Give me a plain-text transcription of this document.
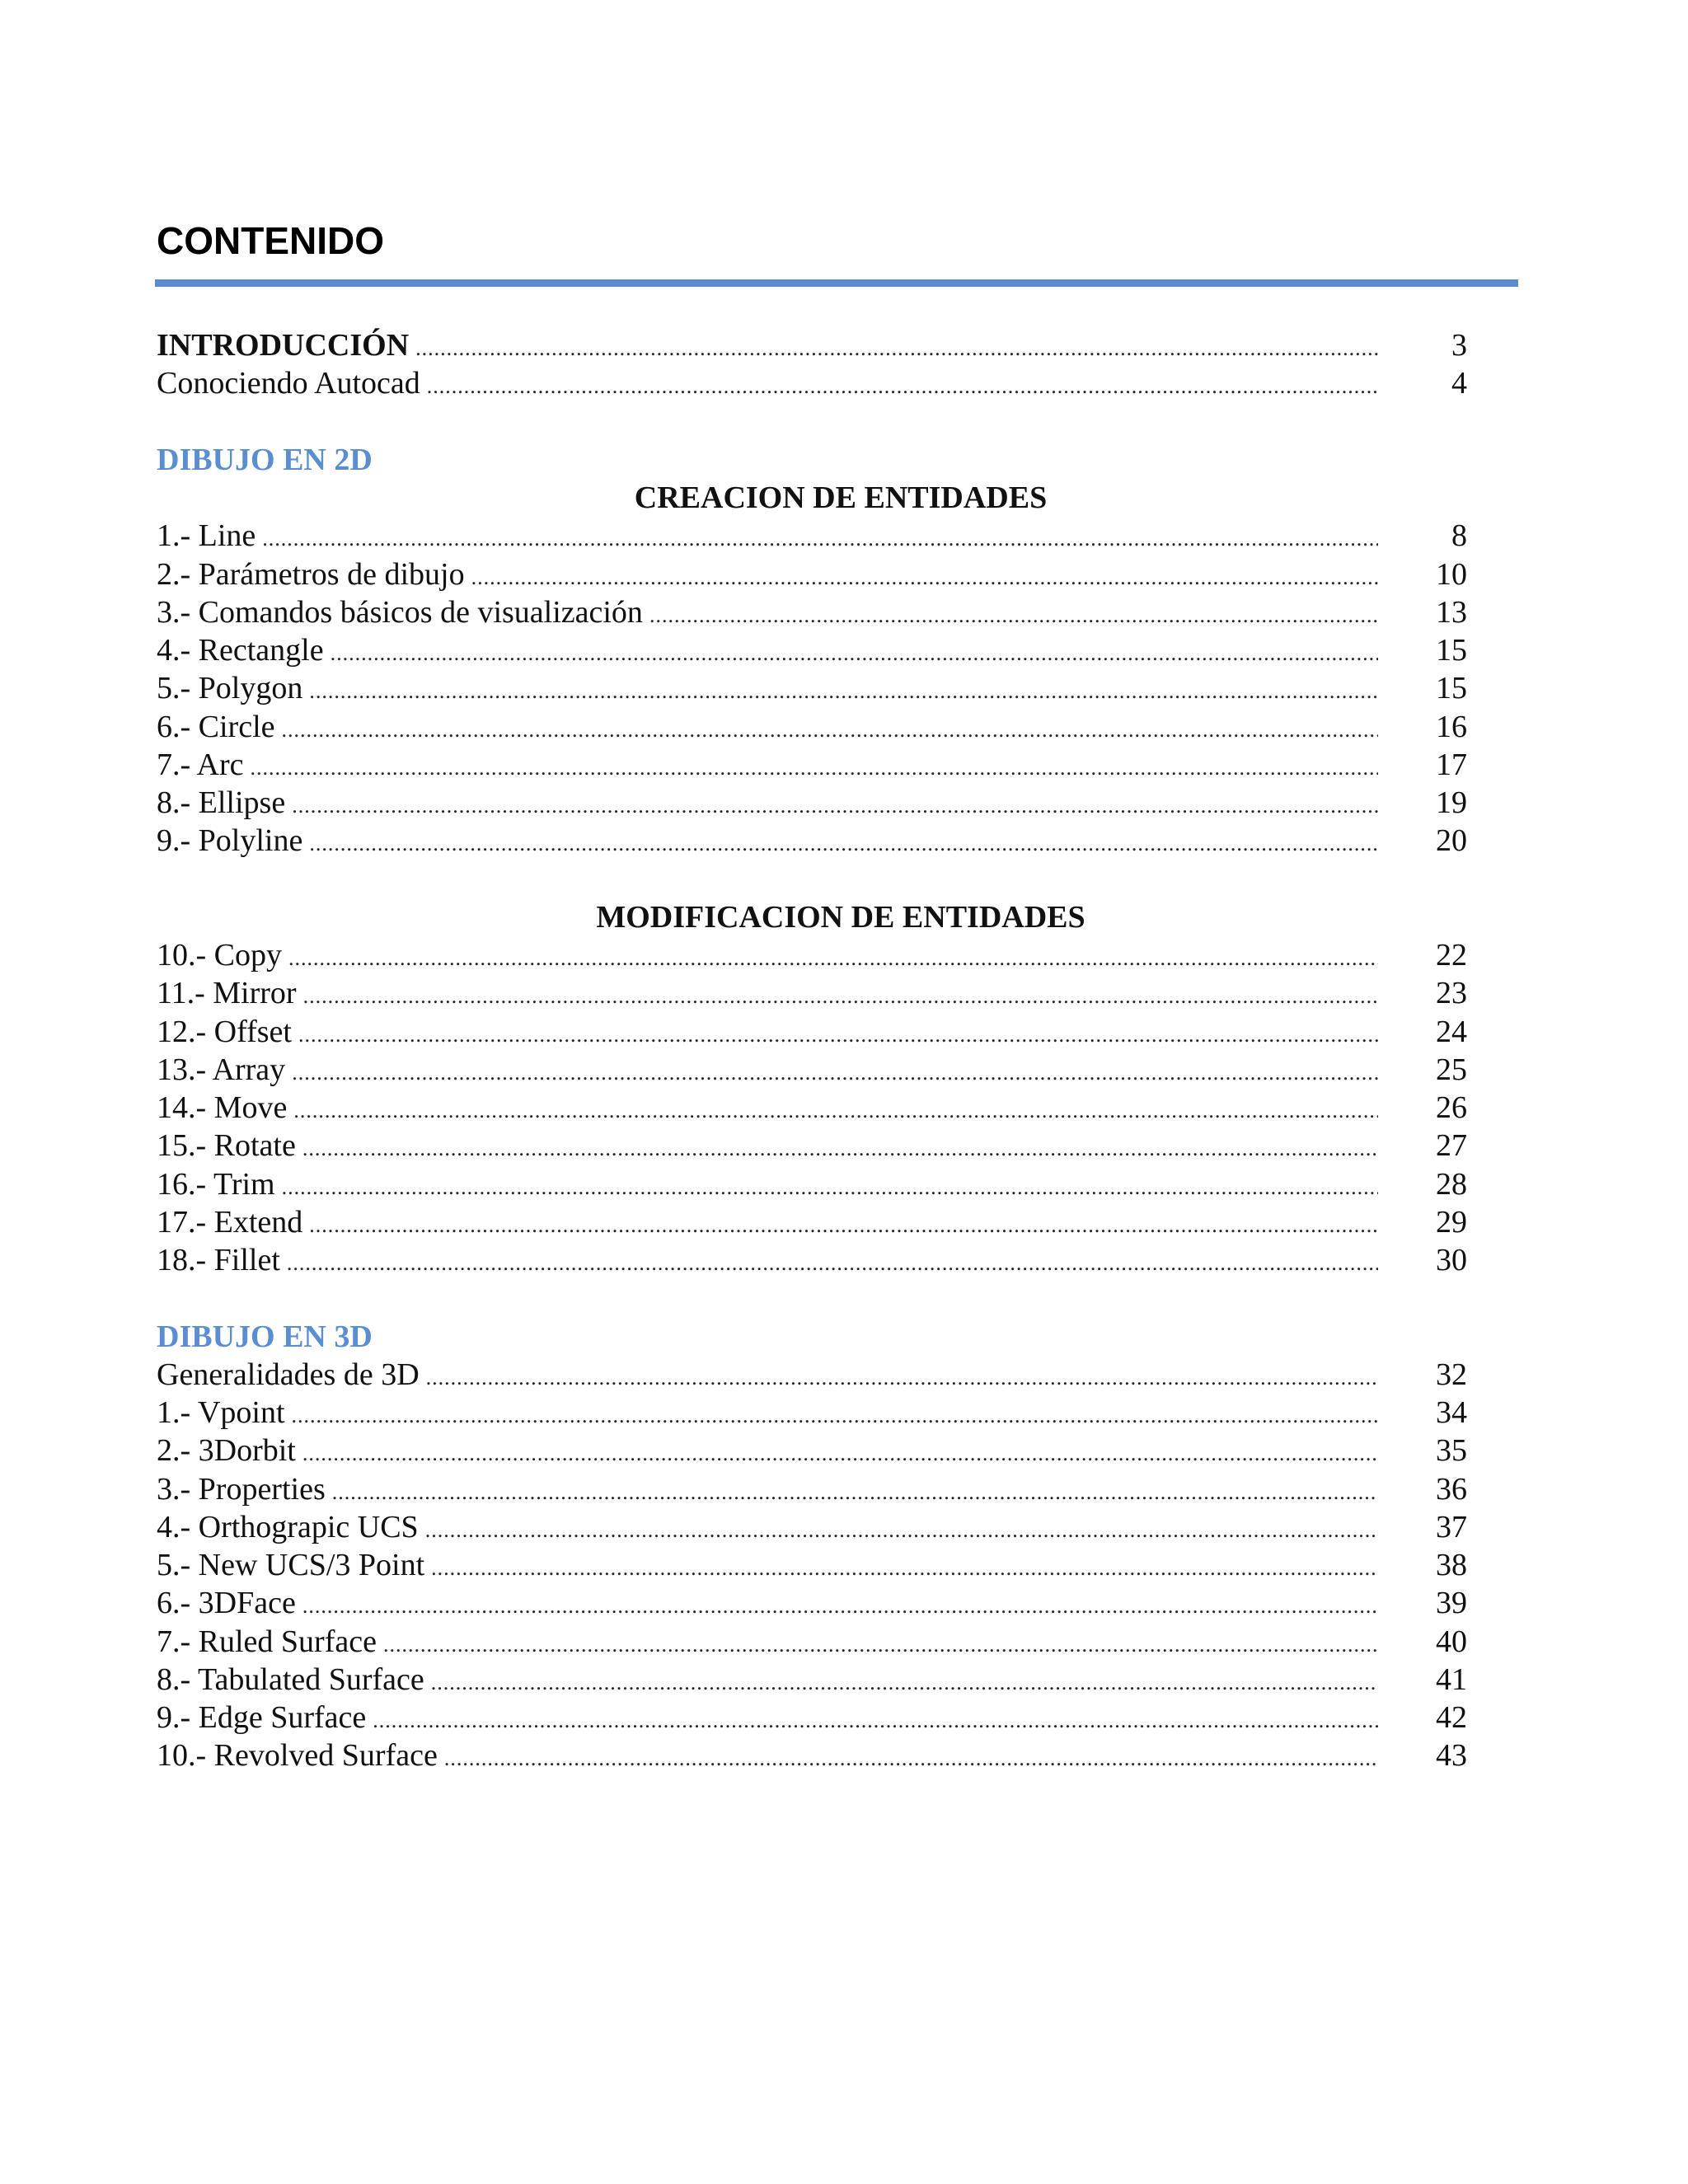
CONTENIDO
INTRODUCCIÓN .....	3
Conociendo Autocad .....	4
DIBUJO EN 2D
CREACION DE ENTIDADES
1.- Line .....	8
2.- Parámetros de dibujo .....	10
3.- Comandos básicos de visualización .....	13
4.- Rectangle .....	15
5.- Polygon .....	15
6.- Circle .....	16
7.- Arc .....	17
8.- Ellipse .....	19
9.- Polyline .....	20
MODIFICACION DE ENTIDADES
10.- Copy .....	22
11.- Mirror .....	23
12.- Offset .....	24
13.- Array .....	25
14.- Move .....	26
15.- Rotate .....	27
16.- Trim .....	28
17.- Extend .....	29
18.- Fillet .....	30
DIBUJO EN 3D
Generalidades de 3D .....	32
1.- Vpoint .....	34
2.- 3Dorbit .....	35
3.- Properties .....	36
4.- Orthograpic UCS .....	37
5.- New UCS/3 Point .....	38
6.- 3DFace .....	39
7.- Ruled Surface .....	40
8.- Tabulated Surface .....	41
9.- Edge Surface .....	42
10.- Revolved Surface .....	43
